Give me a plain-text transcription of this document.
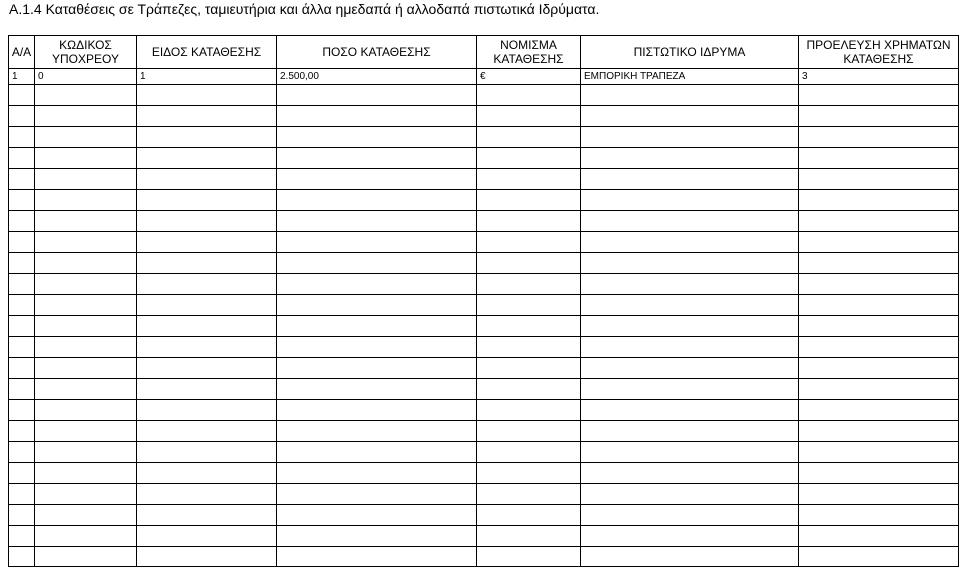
A.1.4 Καταθέσεις σε Τράπεζες, ταμιευτήρια και άλλα ημεδαπά ή αλλοδαπά πιστωτικά Ιδρύματα.
Α/Α	ΚΩΔΙΚΟΣ ΥΠΟΧΡΕΟΥ	ΕΙΔΟΣ ΚΑΤΑΘΕΣΗΣ	ΠΟΣΟ ΚΑΤΑΘΕΣΗΣ	ΝΟΜΙΣΜΑ ΚΑΤΑΘΕΣΗΣ	ΠΙΣΤΩΤΙΚΟ ΙΔΡΥΜΑ	ΠΡΟΕΛΕΥΣΗ ΧΡΗΜΑΤΩΝ ΚΑΤΑΘΕΣΗΣ
1	0	1	2.500,00	€	ΕΜΠΟΡΙΚΗ ΤΡΑΠΕΖΑ	3
